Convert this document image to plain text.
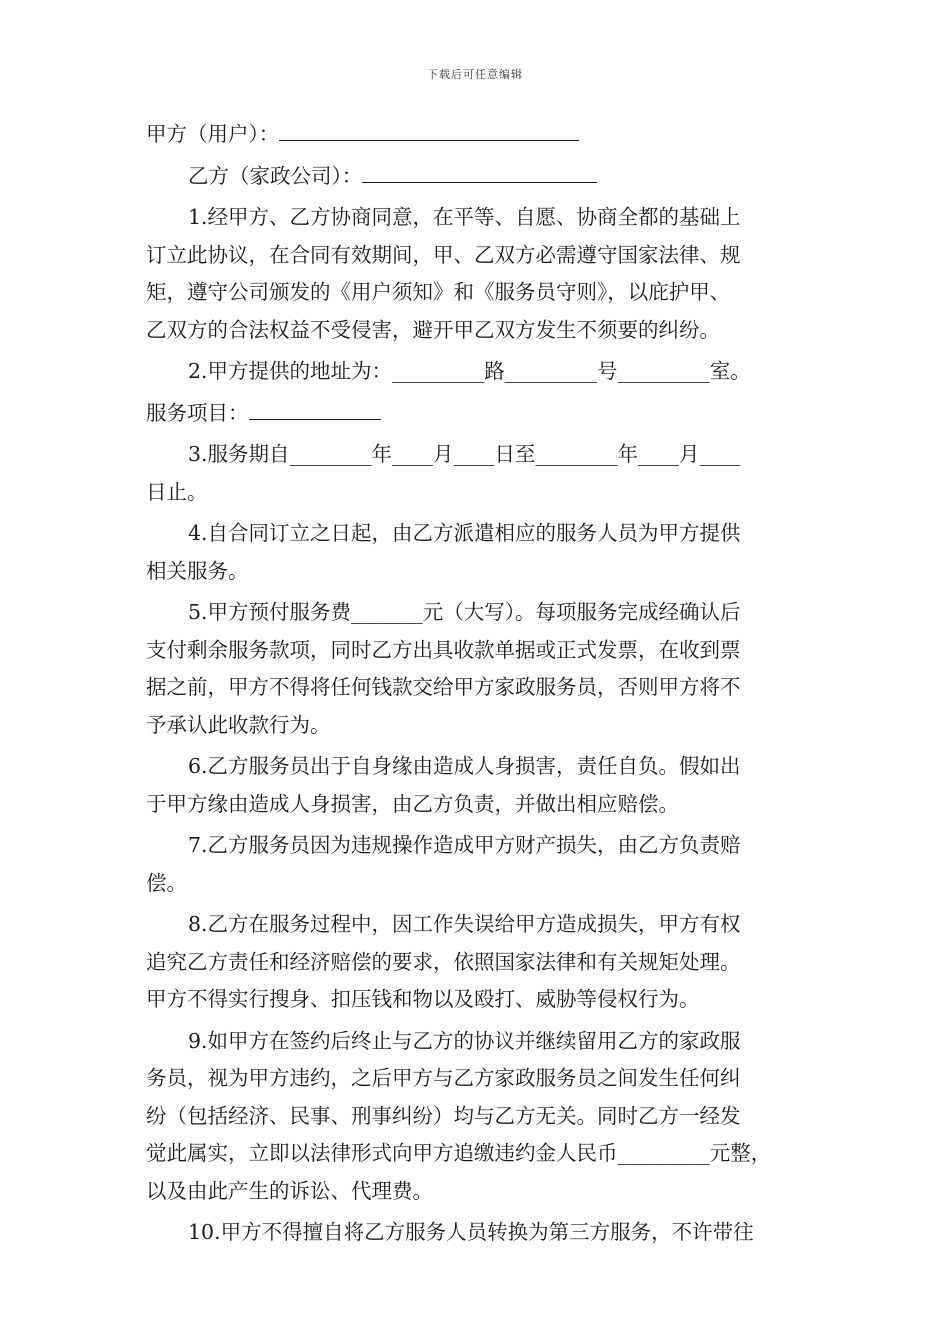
下载后可任意编辑
甲方（用户）：
乙方（家政公司）：
1.经甲方、乙方协商同意，在平等、自愿、协商全都的基础上
订立此协议，在合同有效期间，甲、乙双方必需遵守国家法律、规
矩，遵守公司颁发的《用户须知》和《服务员守则》，以庇护甲、
乙双方的合法权益不受侵害，避开甲乙双方发生不须要的纠纷。
2.甲方提供的地址为：_________路_________号_________室。
服务项目：
3.服务期自________年____月____日至________年____月____
日止。
4.自合同订立之日起，由乙方派遣相应的服务人员为甲方提供
相关服务。
5.甲方预付服务费_______元（大写）。每项服务完成经确认后
支付剩余服务款项，同时乙方出具收款单据或正式发票，在收到票
据之前，甲方不得将任何钱款交给甲方家政服务员，否则甲方将不
予承认此收款行为。
6.乙方服务员出于自身缘由造成人身损害，责任自负。假如出
于甲方缘由造成人身损害，由乙方负责，并做出相应赔偿。
7.乙方服务员因为违规操作造成甲方财产损失，由乙方负责赔
偿。
8.乙方在服务过程中，因工作失误给甲方造成损失，甲方有权
追究乙方责任和经济赔偿的要求，依照国家法律和有关规矩处理。
甲方不得实行搜身、扣压钱和物以及殴打、威胁等侵权行为。
9.如甲方在签约后终止与乙方的协议并继续留用乙方的家政服
务员，视为甲方违约，之后甲方与乙方家政服务员之间发生任何纠
纷（包括经济、民事、刑事纠纷）均与乙方无关。同时乙方一经发
觉此属实，立即以法律形式向甲方追缴违约金人民币_________元整，
以及由此产生的诉讼、代理费。
10.甲方不得擅自将乙方服务人员转换为第三方服务，不许带往
